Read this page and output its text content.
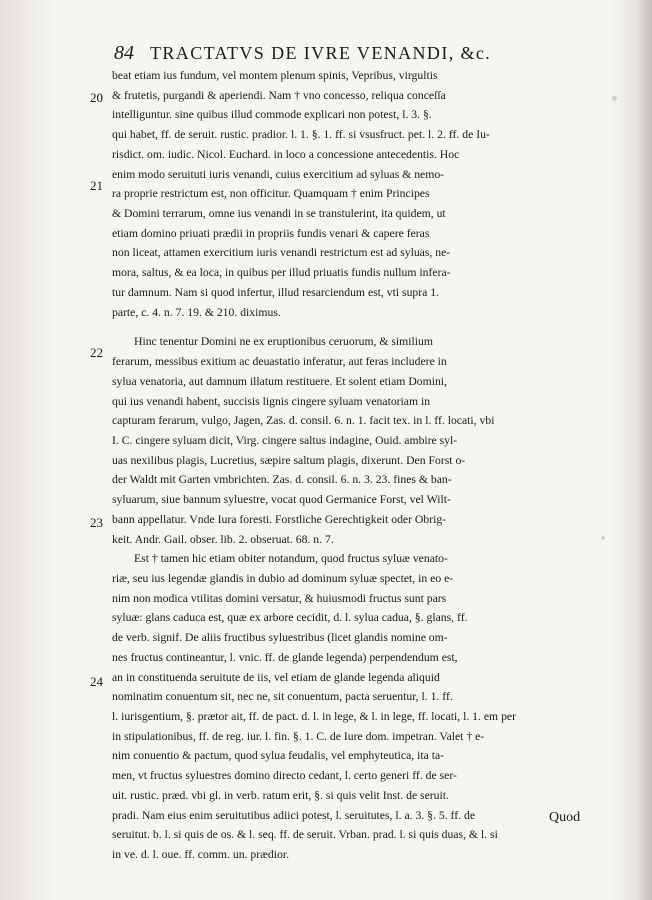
84 TRACTATVS DE IVRE VENANDI, &c.
20
21
22
23
24
beat etiam ius fundum, vel montem plenum spinis, Vepribus, virgultis
& frutetis, purgandi & aperiendi. Nam † vno concesso, reliqua conceſſa
intelliguntur. sine quibus illud commode explicari non potest, l. 3. §.
qui habet, ff. de seruit. rustic. pradior. l. 1. §. 1. ff. si vsusfruct. pet. l. 2. ff. de Iu-
risdict. om. iudic. Nicol. Euchard. in loco a concessione antecedentis. Hoc
enim modo seruituti iuris venandi, cuius exercitium ad syluas & nemo-
ra proprie restrictum est, non officitur. Quamquam † enim Principes
& Domini terrarum, omne ius venandi in se transtulerint, ita quidem, ut
etiam domino priuati prædii in propriis fundis venari & capere feras
non liceat, attamen exercitium iuris venandi restrictum est ad syluas, ne-
mora, saltus, & ea loca, in quibus per illud priuatis fundis nullum infera-
tur damnum. Nam si quod infertur, illud resarciendum est, vti supra 1.
parte, c. 4. n. 7. 19. & 210. diximus.
Hinc tenentur Domini ne ex eruptionibus ceruorum, & similium
ferarum, messibus exitium ac deuastatio inferatur, aut feras includere in
sylua venatoria, aut damnum illatum restituere. Et solent etiam Domini,
qui ius venandi habent, succisis lignis cingere syluam venatoriam in
capturam ferarum, vulgo, Jagen, Zas. d. consil. 6. n. 1. facit tex. in l. ff. locati, vbi
I. C. cingere syluam dicit, Virg. cingere saltus indagine, Ouid. ambire syl-
uas nexilibus plagis, Lucretius, sæpire saltum plagis, dixerunt. Den Forst o-
der Waldt mit Garten vmbrichten. Zas. d. consil. 6. n. 3. 23. fines & ban-
syluarum, siue bannum syluestre, vocat quod Germanice Forst, vel Wilt-
bann appellatur. Vnde Iura foresti. Forstliche Gerechtigkeit oder Obrig-
keit. Andr. Gail. obser. lib. 2. obseruat. 68. n. 7.
Est † tamen hic etiam obiter notandum, quod fructus syluæ venato-
riæ, seu ius legendæ glandis in dubio ad dominum syluæ spectet, in eo e-
nim non modica vtilitas domini versatur, & huiusmodi fructus sunt pars
syluæ: glans caduca est, quæ ex arbore cecidit, d. l. sylua cadua, §. glans, ff.
de verb. signif. De aliis fructibus syluestribus (licet glandis nomine om-
nes fructus contineantur, l. vnic. ff. de glande legenda) perpendendum est,
an in constituenda seruitute de iis, vel etiam de glande legenda aliquid
nominatim conuentum sit, nec ne, sit conuentum, pacta seruentur, l. 1. ff.
l. iurisgentium, §. prætor ait, ff. de pact. d. l. in lege, & l. in lege, ff. locati, l. 1. em per
in stipulationibus, ff. de reg. iur. l. fin. §. 1. C. de Iure dom. impetran. Valet † e-
nim conuentio & pactum, quod sylua feudalis, vel emphyteutica, ita ta-
men, vt fructus syluestres domino directo cedant, l. certo generi ff. de ser-
uit. rustic. præd. vbi gl. in verb. ratum erit, §. si quis velit Inst. de seruit.
pradi. Nam eius enim seruitutibus adiici potest, l. seruitutes, l. a. 3. §. 5. ff. de
seruitut. b. l. si quis de os. & l. seq. ff. de seruit. Vrban. prad. l. si quis duas, & l. si
in ve. d. l. oue. ff. comm. un. prædior.
Quod
